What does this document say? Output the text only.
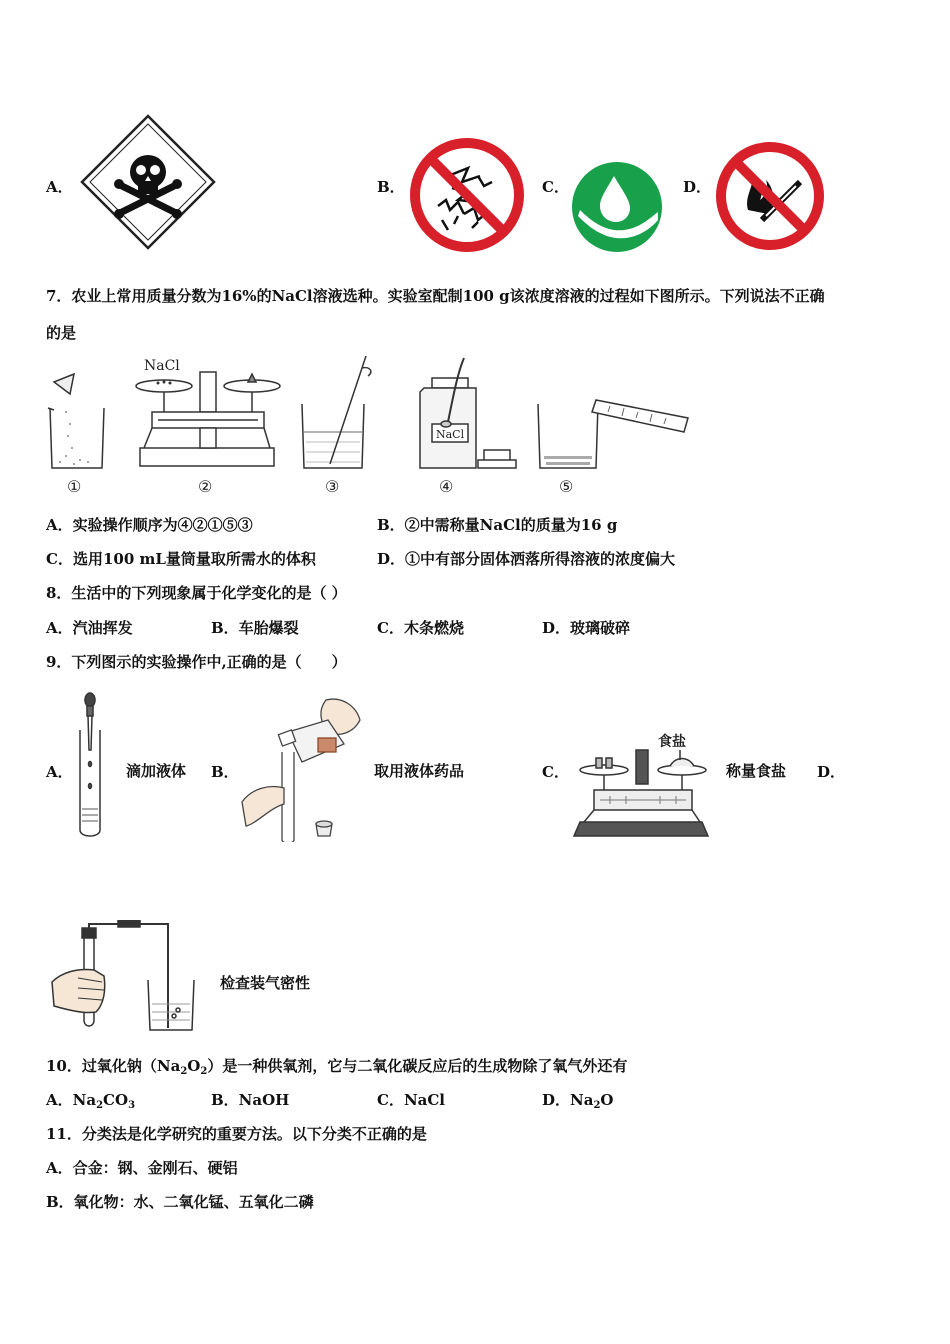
A．	B．	C．	D．
7．农业上常用质量分数为16%的NaCl溶液选种。实验室配制100 g该浓度溶液的过程如下图所示。下列说法不正确
的是
NaCl
NaCl
①	②	③	④	⑤
A．实验操作顺序为④②①⑤③	B．②中需称量NaCl的质量为16 g
C．选用100 mL量筒量取所需水的体积	D．①中有部分固体洒落所得溶液的浓度偏大
8．生活中的下列现象属于化学变化的是（ ）
A．汽油挥发	B．车胎爆裂	C．木条燃烧	D．玻璃破碎
9．下列图示的实验操作中,正确的是（　　）
A．	滴加液体 B．	取用液体药品	C．
食盐
称量食盐 D．
检查装气密性
10．过氧化钠$(Na_2O_2)$是一种供氧剂，它与二氧化碳反应后的生成物除了氧气外还有
A．$Na_2CO_3$	B．NaOH	C．NaCl	D．$Na_2O$
11．分类法是化学研究的重要方法。以下分类不正确的是
A．合金：钢、金刚石、硬铝
B．氧化物：水、二氧化锰、五氧化二磷
